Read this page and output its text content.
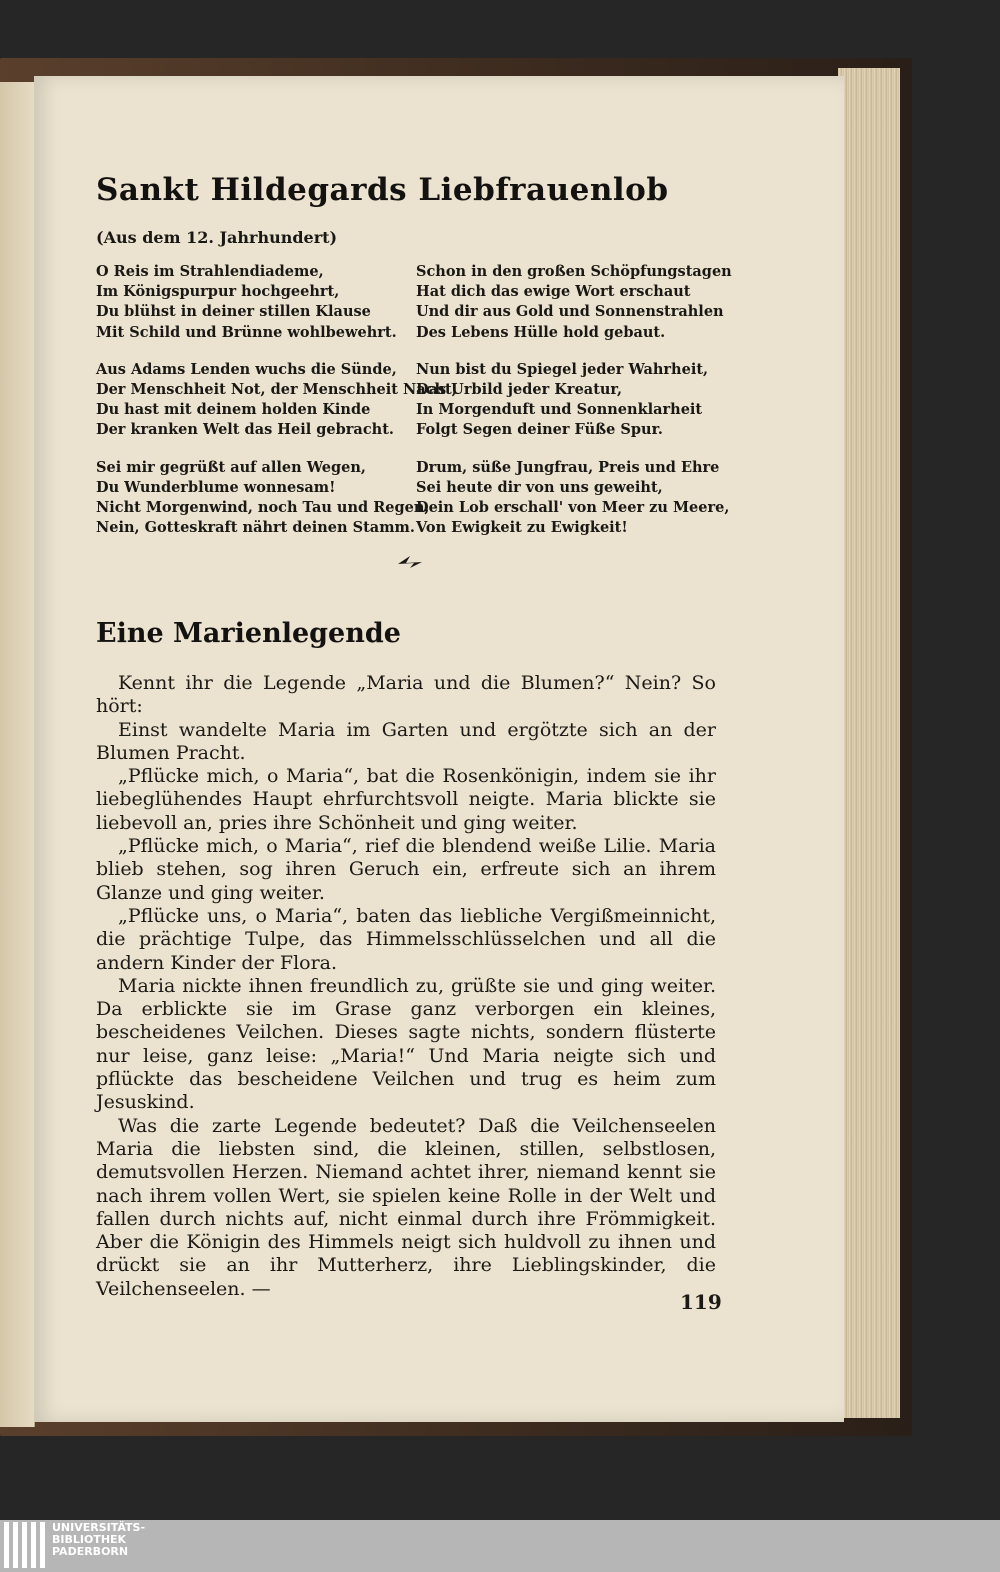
Sankt Hildegards Liebfrauenlob
(Aus dem 12. Jahrhundert)
O Reis im Strahlendiademe,
Im Königspurpur hochgeehrt,
Du blühst in deiner stillen Klause
Mit Schild und Brünne wohlbewehrt.
Aus Adams Lenden wuchs die Sünde,
Der Menschheit Not, der Menschheit Nacht,
Du hast mit deinem holden Kinde
Der kranken Welt das Heil gebracht.
Sei mir gegrüßt auf allen Wegen,
Du Wunderblume wonnesam!
Nicht Morgenwind, noch Tau und Regen,
Nein, Gotteskraft nährt deinen Stamm.
Schon in den großen Schöpfungstagen
Hat dich das ewige Wort erschaut
Und dir aus Gold und Sonnenstrahlen
Des Lebens Hülle hold gebaut.
Nun bist du Spiegel jeder Wahrheit,
Das Urbild jeder Kreatur,
In Morgenduft und Sonnenklarheit
Folgt Segen deiner Füße Spur.
Drum, süße Jungfrau, Preis und Ehre
Sei heute dir von uns geweiht,
Dein Lob erschall' von Meer zu Meere,
Von Ewigkeit zu Ewigkeit!
Eine Marienlegende

Kennt ihr die Legende „Maria und die Blumen?“ Nein? So hört:

Einst wandelte Maria im Garten und ergötzte sich an der Blumen Pracht.

„Pflücke mich, o Maria“, bat die Rosenkönigin, indem sie ihr liebeglühendes Haupt ehrfurchtsvoll neigte. Maria blickte sie liebevoll an, pries ihre Schönheit und ging weiter.

„Pflücke mich, o Maria“, rief die blendend weiße Lilie. Maria blieb stehen, sog ihren Geruch ein, erfreute sich an ihrem Glanze und ging weiter.

„Pflücke uns, o Maria“, baten das liebliche Vergißmeinnicht, die prächtige Tulpe, das Himmelsschlüsselchen und all die andern Kinder der Flora.

Maria nickte ihnen freundlich zu, grüßte sie und ging weiter. Da erblickte sie im Grase ganz verborgen ein kleines, bescheidenes Veilchen. Dieses sagte nichts, sondern flüsterte nur leise, ganz leise: „Maria!“ Und Maria neigte sich und pflückte das bescheidene Veilchen und trug es heim zum Jesuskind.

Was die zarte Legende bedeutet? Daß die Veilchenseelen Maria die liebsten sind, die kleinen, stillen, selbstlosen, demutsvollen Herzen. Niemand achtet ihrer, niemand kennt sie nach ihrem vollen Wert, sie spielen keine Rolle in der Welt und fallen durch nichts auf, nicht einmal durch ihre Frömmigkeit. Aber die Königin des Himmels neigt sich huldvoll zu ihnen und drückt sie an ihr Mutterherz, ihre Lieblingskinder, die Veilchenseelen. —

119
UNIVERSITÄTS-
BIBLIOTHEK
PADERBORN
